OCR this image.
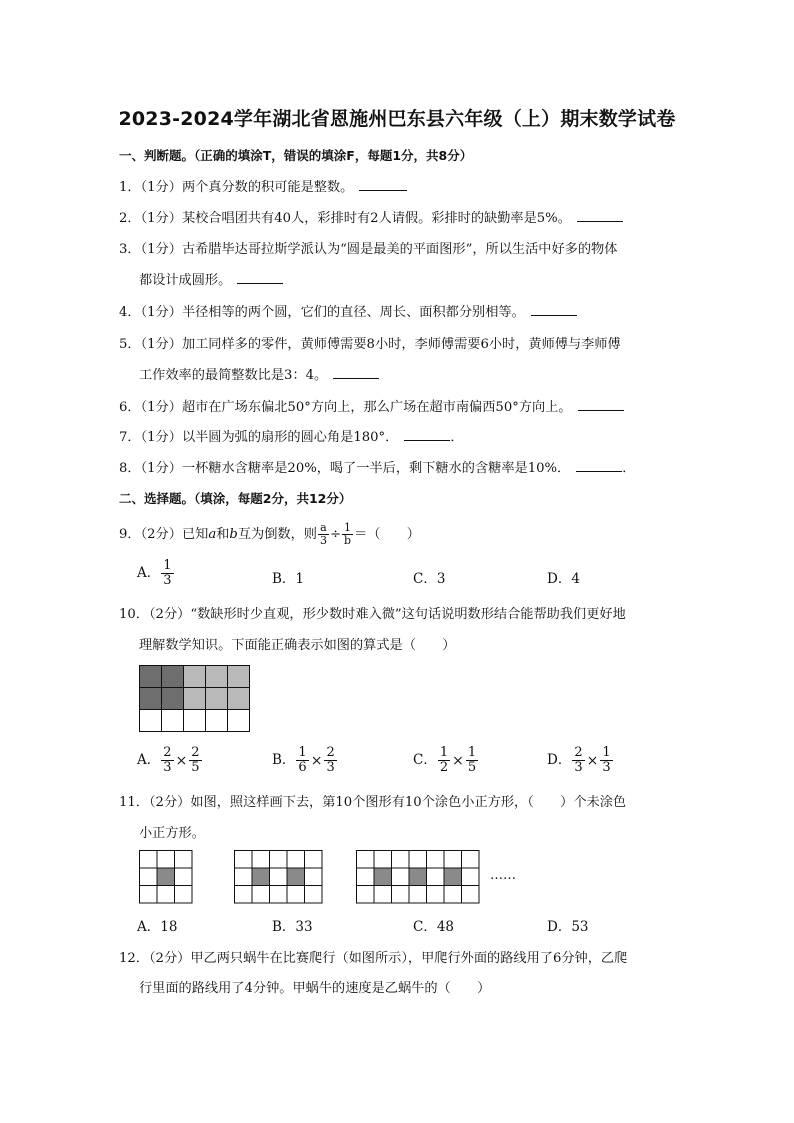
2023-2024学年湖北省恩施州巴东县六年级（上）期末数学试卷
一、判断题。（正确的填涂T，错误的填涂F，每题1分，共8分）
1．（1分）两个真分数的积可能是整数。
2．（1分）某校合唱团共有40人，彩排时有2人请假。彩排时的缺勤率是5%。
3．（1分）古希腊毕达哥拉斯学派认为“圆是最美的平面图形”，所以生活中好多的物体
都设计成圆形。
4．（1分）半径相等的两个圆，它们的直径、周长、面积都分别相等。
5．（1分）加工同样多的零件，黄师傅需要8小时，李师傅需要6小时，黄师傅与李师傅
工作效率的最简整数比是3：4。
6．（1分）超市在广场东偏北50°方向上，那么广场在超市南偏西50°方向上。
7．（1分）以半圆为弧的扇形的圆心角是180°．	．
8．（1分）一杯糖水含糖率是20%，喝了一半后，剩下糖水的含糖率是10%．	．
二、选择题。（填涂，每题2分，共12分）
9．（2分）已知a和b互为倒数，则 $\frac{a}{3} \div \frac{1}{b}$ ＝（　　）
A． $\frac{1}{3}$	B．1	C．3	D．4
10．（2分）“数缺形时少直观，形少数时难入微”这句话说明数形结合能帮助我们更好地
理解数学知识。下面能正确表示如图的算式是（　　）
A． $\frac{2}{3} \times \frac{2}{5}$	B． $\frac{1}{6} \times \frac{2}{3}$	C． $\frac{1}{2} \times \frac{1}{5}$	D． $\frac{2}{3} \times \frac{1}{3}$
11．（2分）如图，照这样画下去，第10个图形有10个涂色小正方形，（　　）个未涂色
小正方形。
……
A．18	B．33	C．48	D．53
12．（2分）甲乙两只蜗牛在比赛爬行（如图所示），甲爬行外面的路线用了6分钟，乙爬
行里面的路线用了4分钟。甲蜗牛的速度是乙蜗牛的（　　）
